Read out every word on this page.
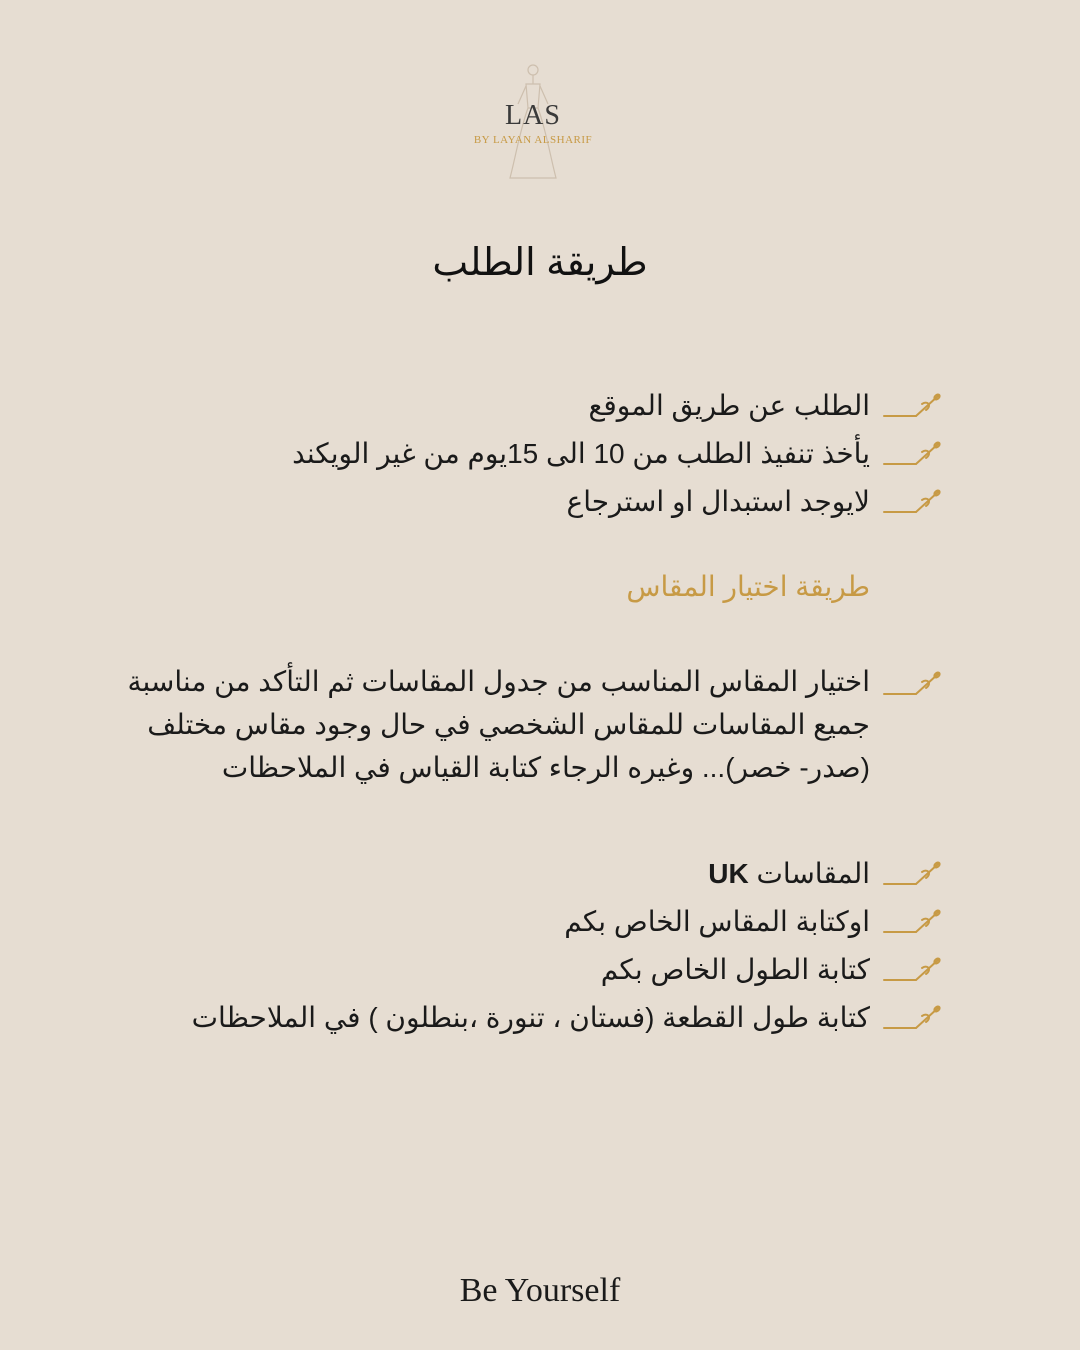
LAS
BY LAYAN ALSHARIF
طريقة الطلب
الطلب عن طريق الموقع
يأخذ تنفيذ الطلب من 10 الى 15يوم من غير الويكند
لايوجد استبدال او استرجاع
طريقة اختيار المقاس
اختيار المقاس المناسب من جدول المقاسات ثم التأكد من مناسبة جميع المقاسات للمقاس الشخصي في حال وجود مقاس مختلف (صدر- خصر)... وغيره الرجاء كتابة القياس في الملاحظات
المقاسات UK
اوكتابة المقاس الخاص بكم
كتابة الطول الخاص بكم
كتابة طول القطعة (فستان ، تنورة ،بنطلون ) في الملاحظات
Be Yourself
